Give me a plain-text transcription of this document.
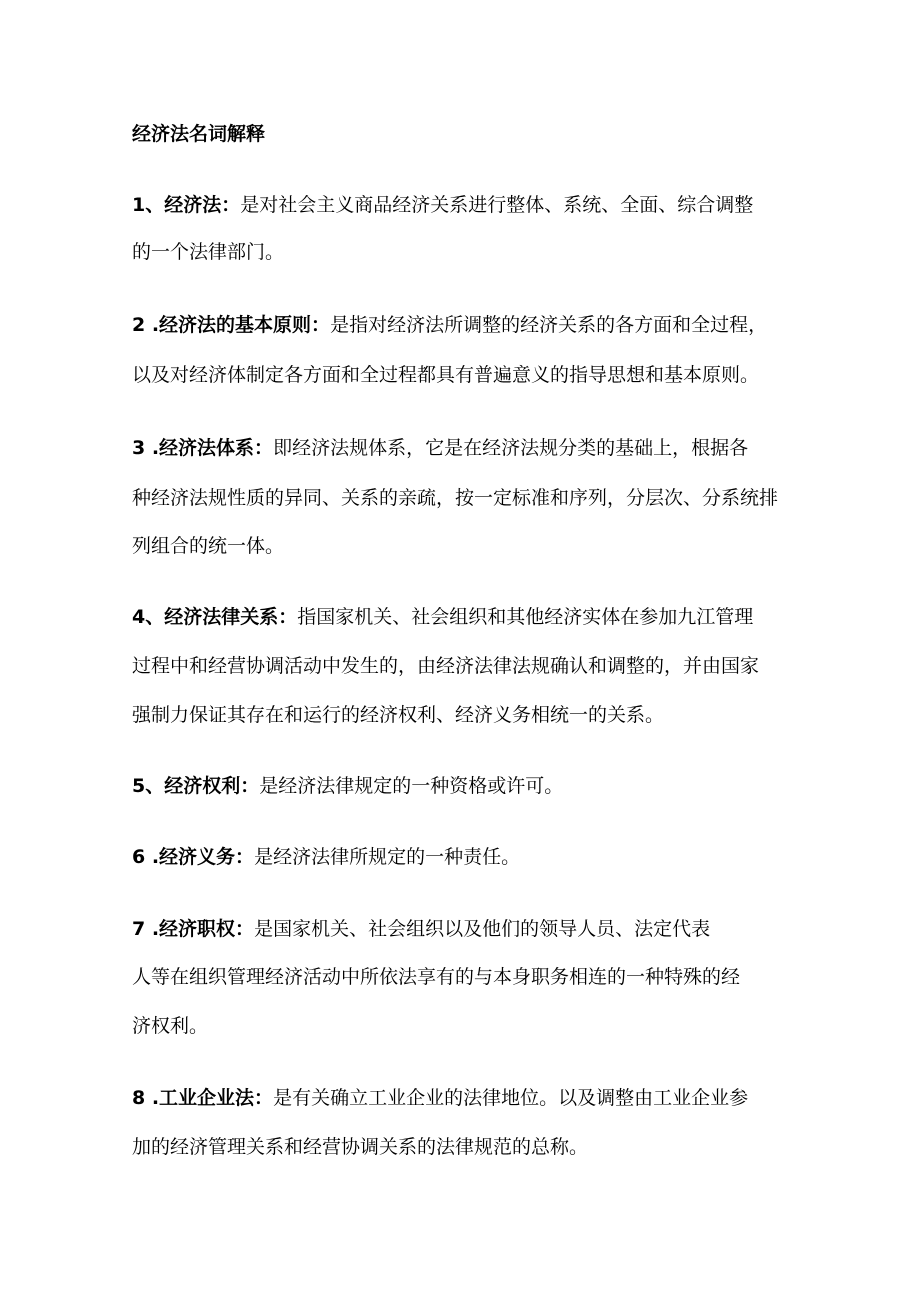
经济法名词解释
1、经济法：是对社会主义商品经济关系进行整体、系统、全面、综合调整
的一个法律部门。
2 .经济法的基本原则：是指对经济法所调整的经济关系的各方面和全过程，
以及对经济体制定各方面和全过程都具有普遍意义的指导思想和基本原则。
3 .经济法体系：即经济法规体系，它是在经济法规分类的基础上，根据各
种经济法规性质的异同、关系的亲疏，按一定标准和序列，分层次、分系统排
列组合的统一体。
4、经济法律关系：指国家机关、社会组织和其他经济实体在参加九江管理
过程中和经营协调活动中发生的，由经济法律法规确认和调整的，并由国家
强制力保证其存在和运行的经济权利、经济义务相统一的关系。
5、经济权利：是经济法律规定的一种资格或许可。
6 .经济义务：是经济法律所规定的一种责任。
7 .经济职权：是国家机关、社会组织以及他们的领导人员、法定代表
人等在组织管理经济活动中所依法享有的与本身职务相连的一种特殊的经
济权利。
8 .工业企业法：是有关确立工业企业的法律地位。以及调整由工业企业参
加的经济管理关系和经营协调关系的法律规范的总称。
